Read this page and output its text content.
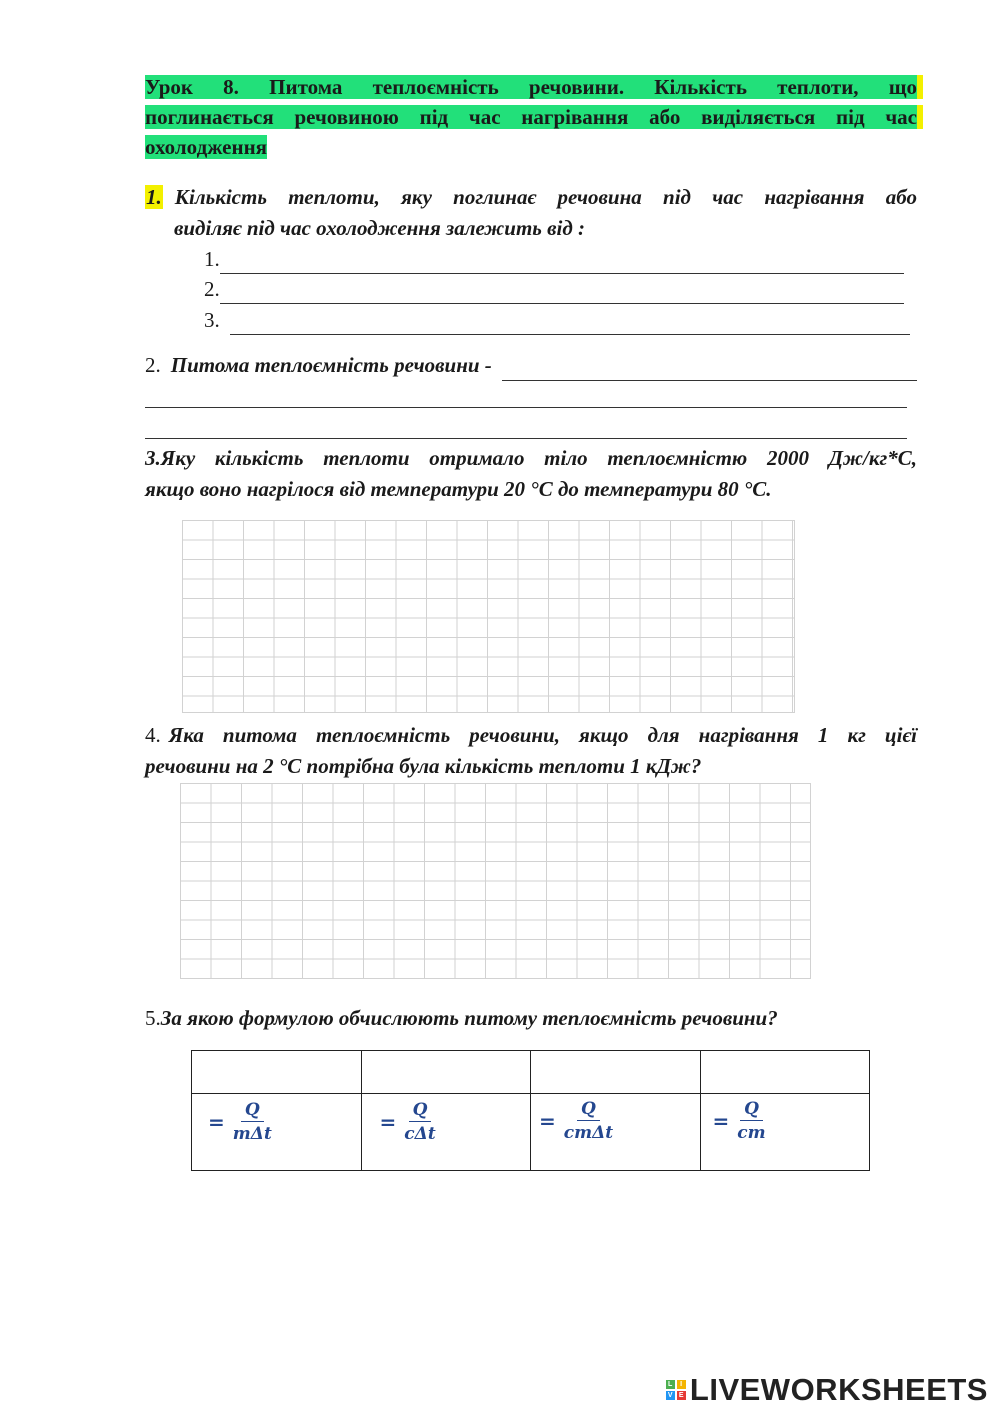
Урок 8. Питома теплоємність речовини. Кількість теплоти, що
поглинається речовиною під час нагрівання або виділяється під час
охолодження
1. Кількість теплоти, яку поглинає речовина під час нагрівання або
виділяє під час охолодження залежить від :
1.
2.
3.
2. Питома теплоємність речовини -
3.Яку кількість теплоти отримало тіло теплоємністю 2000 Дж/кг*С,
якщо воно нагрілося від температури 20 °С до температури 80 °С.
4. Яка питома теплоємність речовини, якщо для нагрівання 1 кг цієї
речовини на 2 °С потрібна була кількість теплоти 1 кДж?
5.За якою формулою обчислюють питому теплоємність речовини?

= $\frac{Q}{\text{mΔt}}$	= $\frac{Q}{\text{cΔt}}$	= $\frac{Q}{\text{cmΔt}}$	= $\frac{Q}{cm}$
L	I
V E LIVEWORKSHEETS
